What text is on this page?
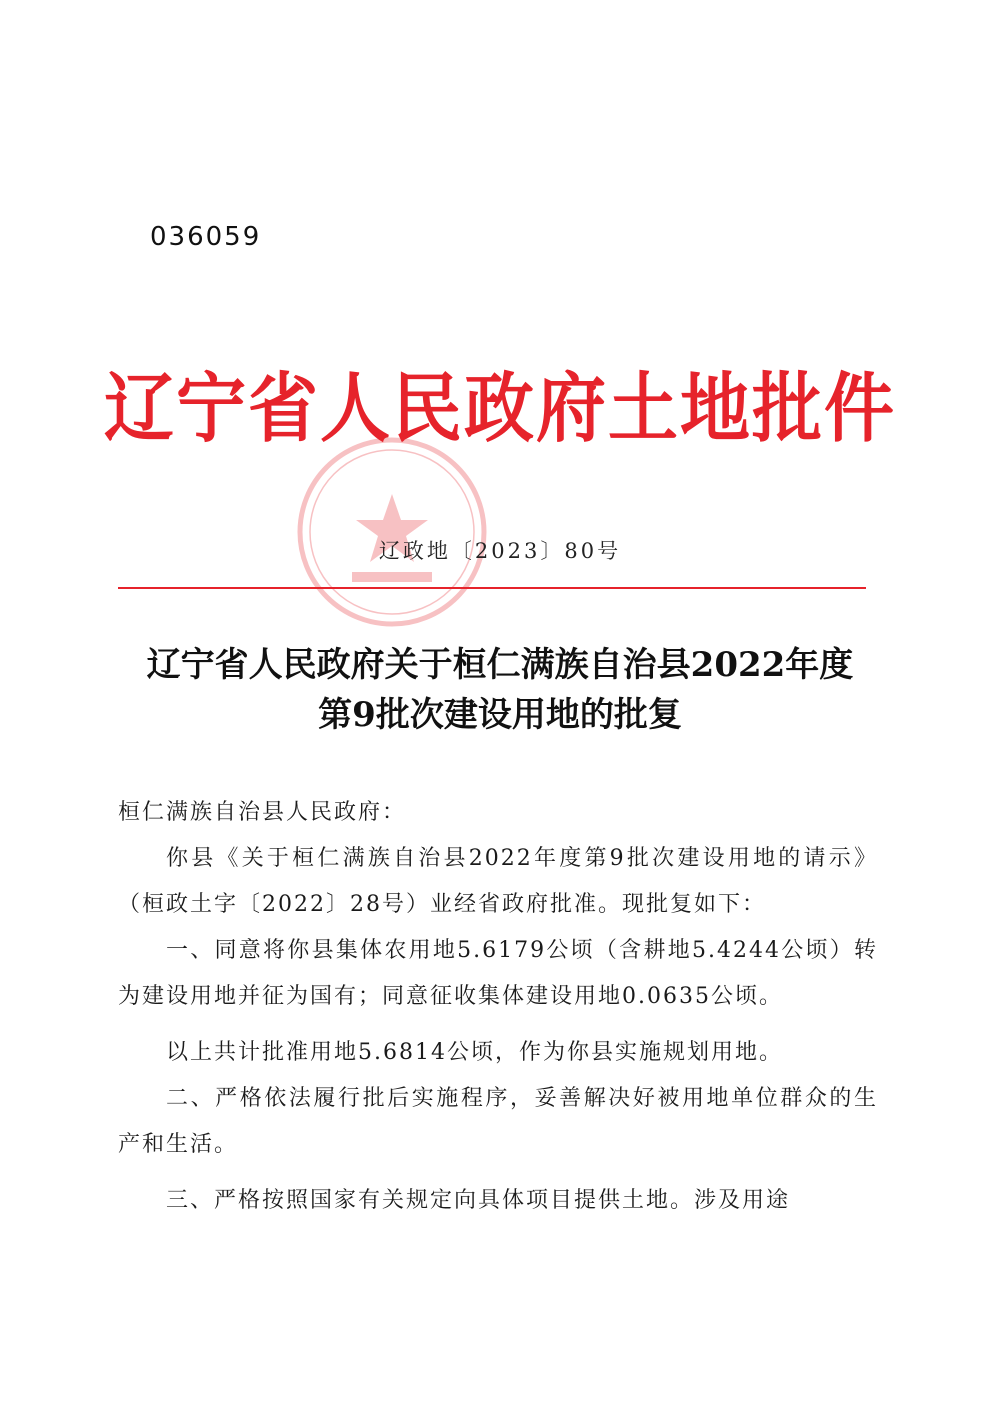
036059
辽宁省人民政府土地批件
辽政地〔2023〕80号
辽宁省人民政府关于桓仁满族自治县2022年度
第9批次建设用地的批复

桓仁满族自治县人民政府：

你县《关于桓仁满族自治县2022年度第9批次建设用地的请示》（桓政土字〔2022〕28号）业经省政府批准。现批复如下：

一、同意将你县集体农用地5.6179公顷（含耕地5.4244公顷）转为建设用地并征为国有；同意征收集体建设用地0.0635公顷。

以上共计批准用地5.6814公顷，作为你县实施规划用地。

二、严格依法履行批后实施程序，妥善解决好被用地单位群众的生产和生活。

三、严格按照国家有关规定向具体项目提供土地。涉及用途
